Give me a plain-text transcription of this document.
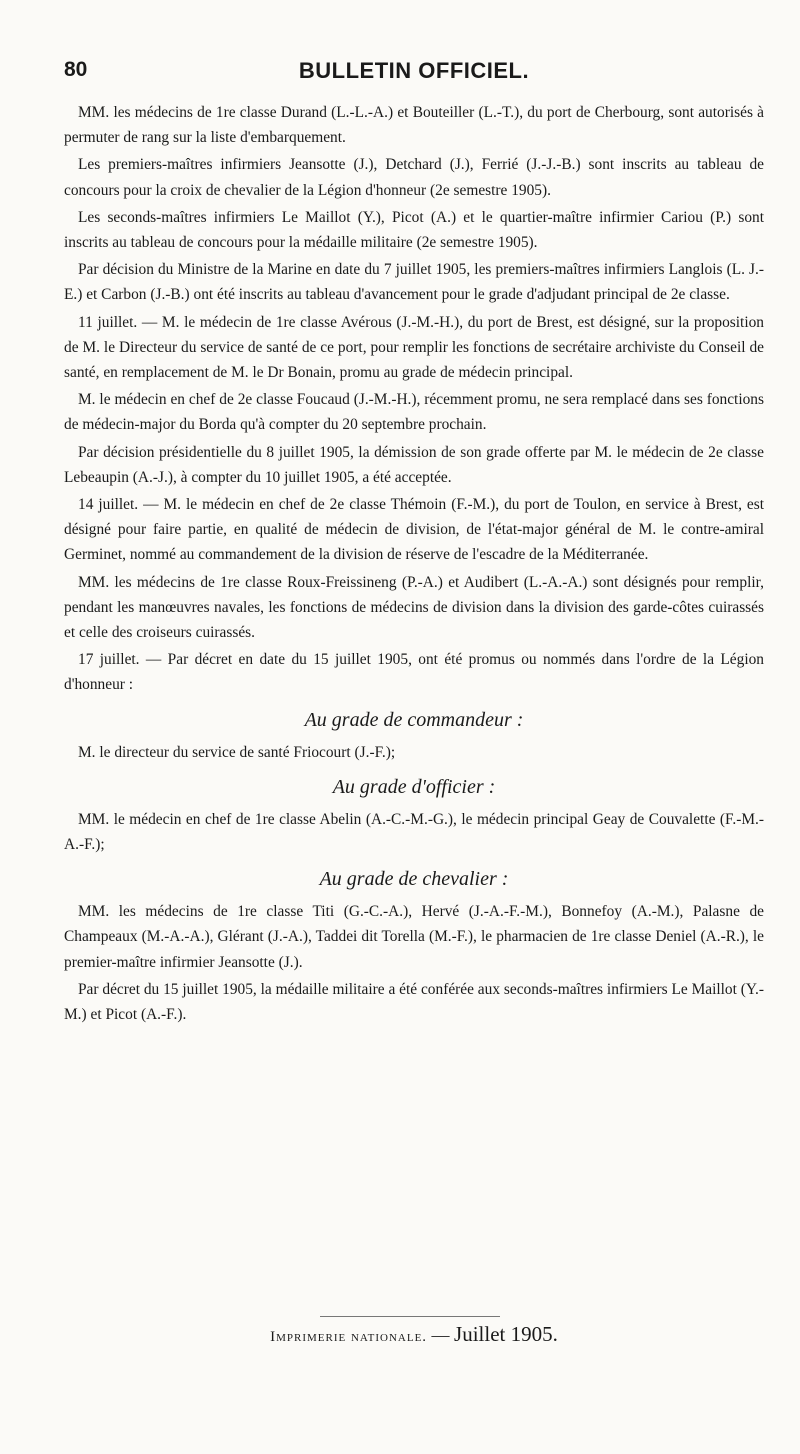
80	BULLETIN OFFICIEL.

MM. les médecins de 1re classe Durand (L.-L.-A.) et Bouteiller (L.-T.), du port de Cherbourg, sont autorisés à permuter de rang sur la liste d'embarquement.

Les premiers-maîtres infirmiers Jeansotte (J.), Detchard (J.), Ferrié (J.-J.-B.) sont inscrits au tableau de concours pour la croix de chevalier de la Légion d'honneur (2e semestre 1905).

Les seconds-maîtres infirmiers Le Maillot (Y.), Picot (A.) et le quartier-maître infirmier Cariou (P.) sont inscrits au tableau de concours pour la médaille militaire (2e semestre 1905).

Par décision du Ministre de la Marine en date du 7 juillet 1905, les premiers-maîtres infirmiers Langlois (L. J.-E.) et Carbon (J.-B.) ont été inscrits au tableau d'avancement pour le grade d'adjudant principal de 2e classe.

11 juillet. — M. le médecin de 1re classe Avérous (J.-M.-H.), du port de Brest, est désigné, sur la proposition de M. le Directeur du service de santé de ce port, pour remplir les fonctions de secrétaire archiviste du Conseil de santé, en remplacement de M. le Dr Bonain, promu au grade de médecin principal.

M. le médecin en chef de 2e classe Foucaud (J.-M.-H.), récemment promu, ne sera remplacé dans ses fonctions de médecin-major du Borda qu'à compter du 20 septembre prochain.

Par décision présidentielle du 8 juillet 1905, la démission de son grade offerte par M. le médecin de 2e classe Lebeaupin (A.-J.), à compter du 10 juillet 1905, a été acceptée.

14 juillet. — M. le médecin en chef de 2e classe Thémoin (F.-M.), du port de Toulon, en service à Brest, est désigné pour faire partie, en qualité de médecin de division, de l'état-major général de M. le contre-amiral Germinet, nommé au commandement de la division de réserve de l'escadre de la Méditerranée.

MM. les médecins de 1re classe Roux-Freissineng (P.-A.) et Audibert (L.-A.-A.) sont désignés pour remplir, pendant les manœuvres navales, les fonctions de médecins de division dans la division des garde-côtes cuirassés et celle des croiseurs cuirassés.

17 juillet. — Par décret en date du 15 juillet 1905, ont été promus ou nommés dans l'ordre de la Légion d'honneur :

Au grade de commandeur :

M. le directeur du service de santé Friocourt (J.-F.);

Au grade d'officier :

MM. le médecin en chef de 1re classe Abelin (A.-C.-M.-G.), le médecin principal Geay de Couvalette (F.-M.-A.-F.);

Au grade de chevalier :

MM. les médecins de 1re classe Titi (G.-C.-A.), Hervé (J.-A.-F.-M.), Bonnefoy (A.-M.), Palasne de Champeaux (M.-A.-A.), Glérant (J.-A.), Taddei dit Torella (M.-F.), le pharmacien de 1re classe Deniel (A.-R.), le premier-maître infirmier Jeansotte (J.).

Par décret du 15 juillet 1905, la médaille militaire a été conférée aux seconds-maîtres infirmiers Le Maillot (Y.-M.) et Picot (A.-F.).

Imprimerie nationale. — Juillet 1905.
